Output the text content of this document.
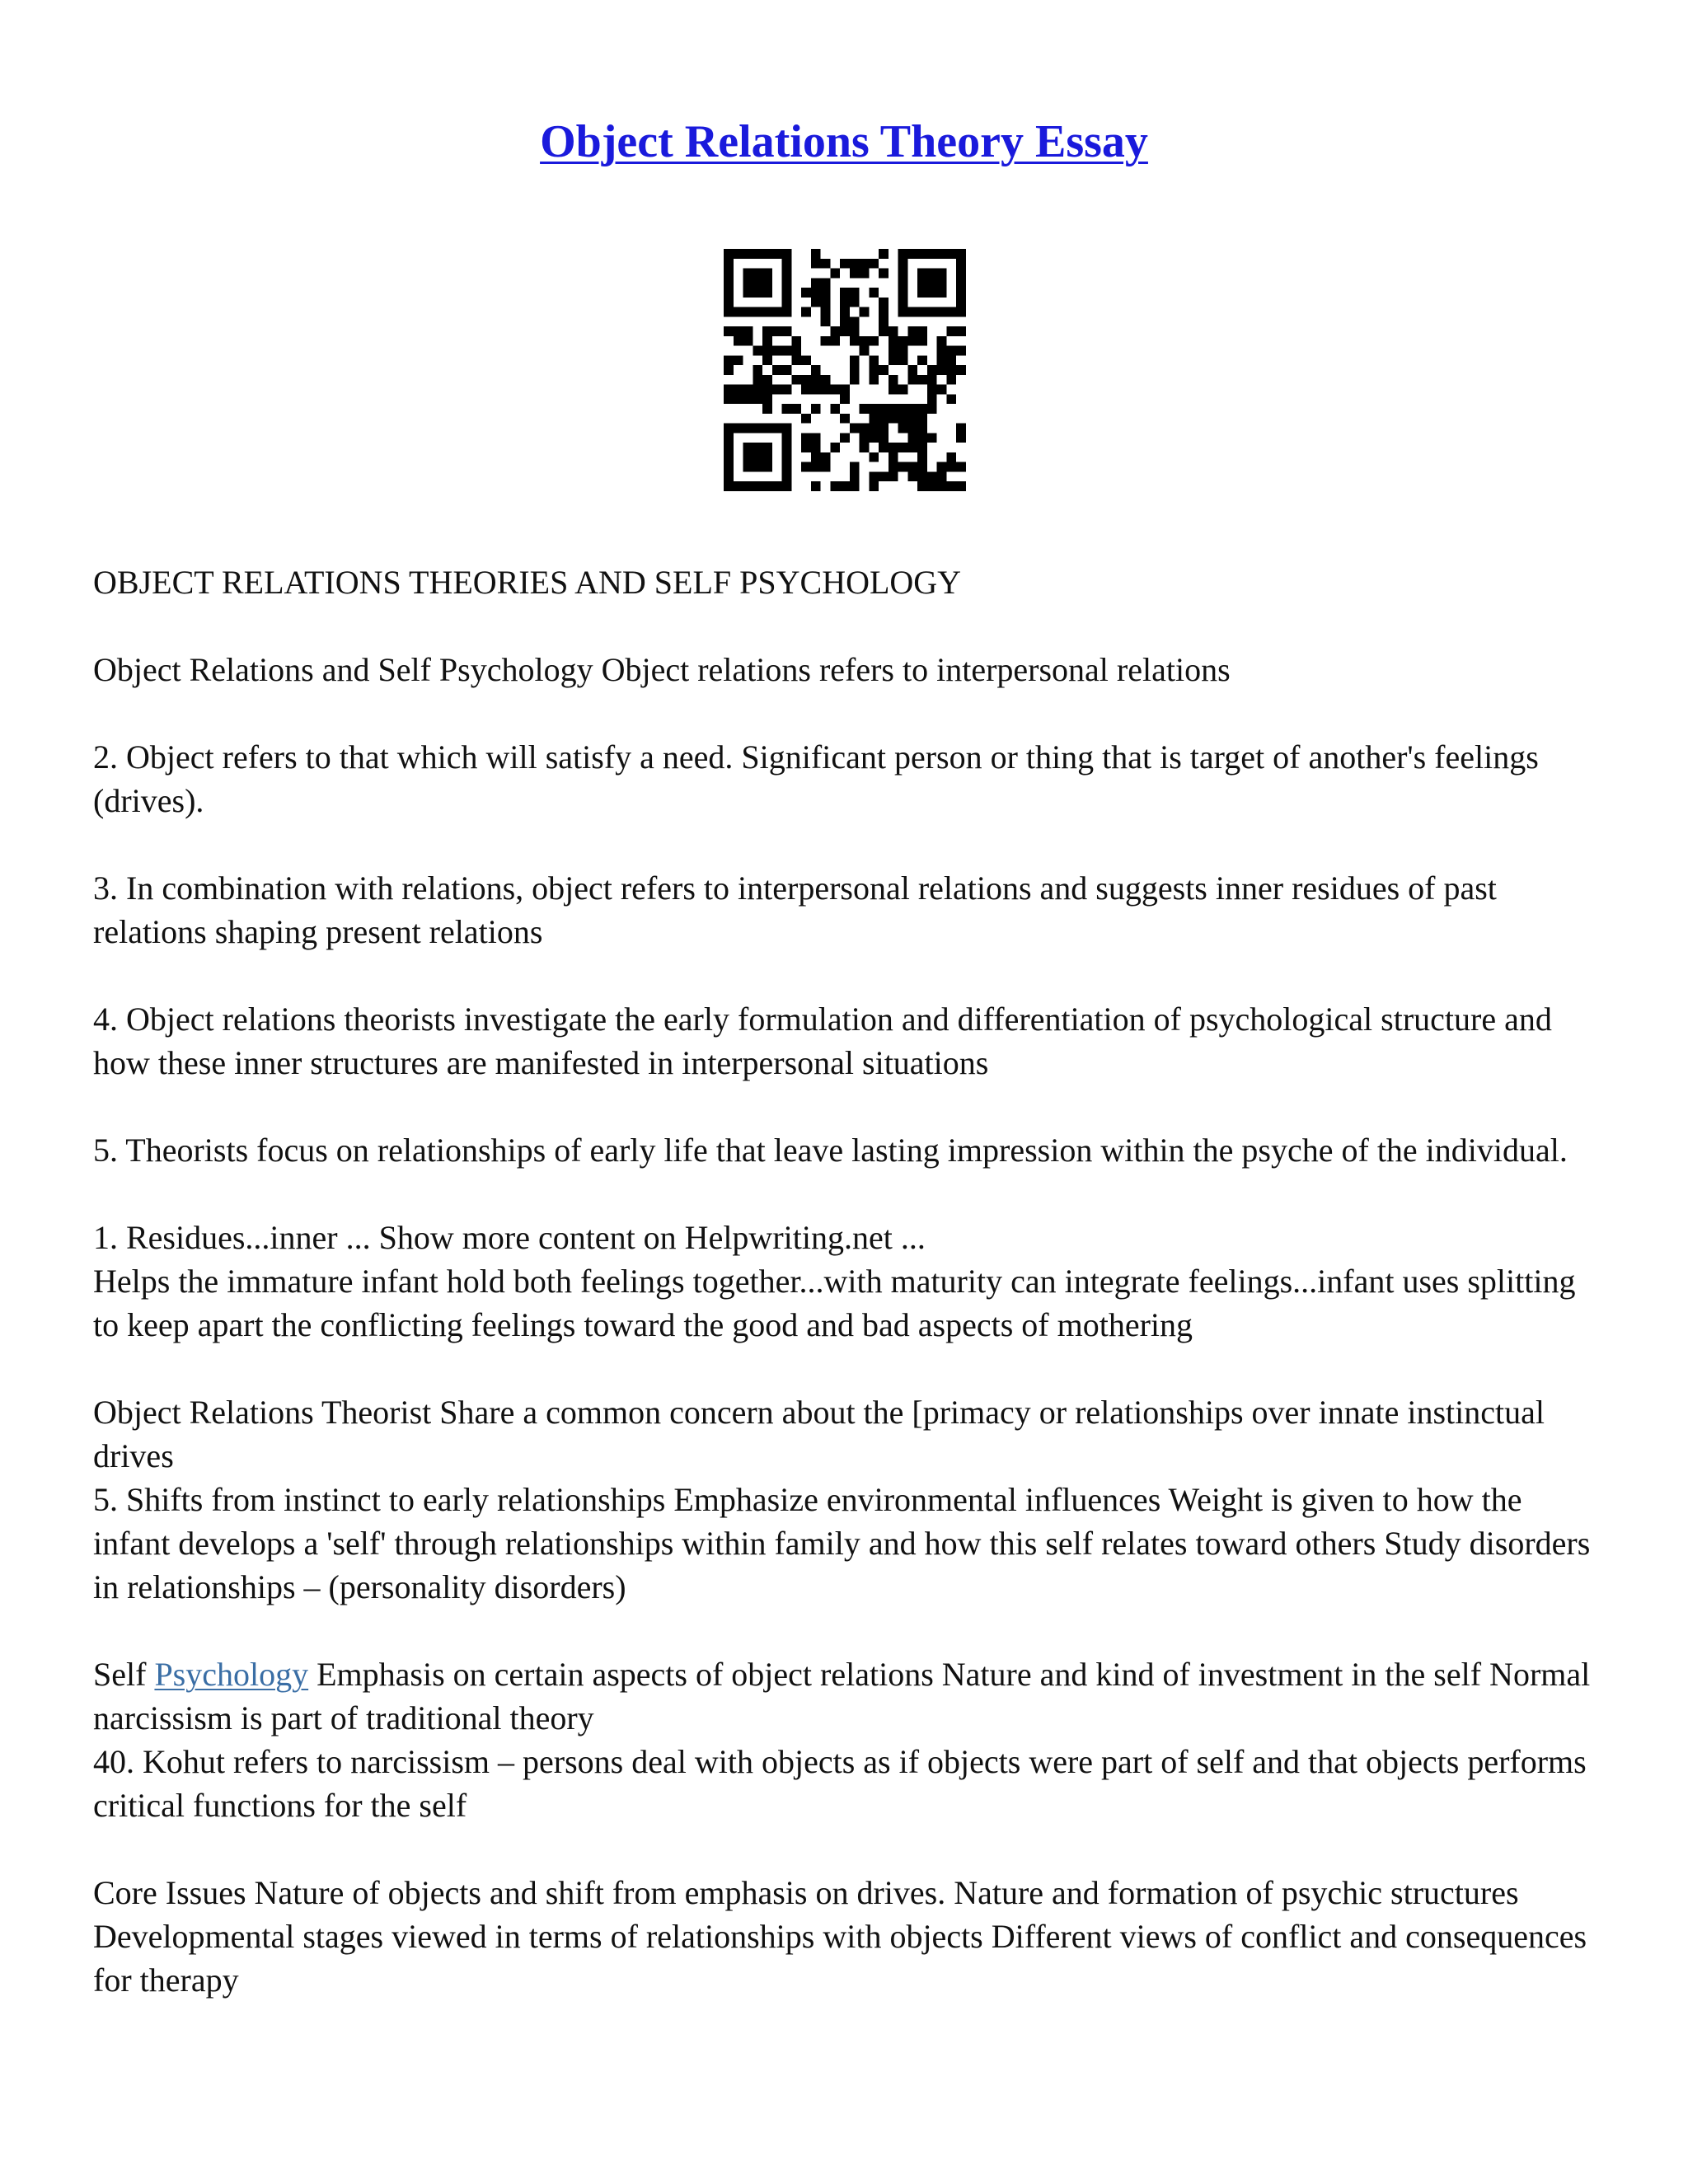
Object Relations Theory Essay

OBJECT RELATIONS THEORIES AND SELF PSYCHOLOGY

Object Relations and Self Psychology Object relations refers to interpersonal relations

2. Object refers to that which will satisfy a need. Significant person or thing that is target of another's feelings (drives).

3. In combination with relations, object refers to interpersonal relations and suggests inner residues of past relations shaping present relations

4. Object relations theorists investigate the early formulation and differentiation of psychological structure and how these inner structures are manifested in interpersonal situations

5. Theorists focus on relationships of early life that leave lasting impression within the psyche of the individual.

1. Residues...inner ... Show more content on Helpwriting.net ...

Helps the immature infant hold both feelings together...with maturity can integrate feelings...infant uses splitting to keep apart the conflicting feelings toward the good and bad aspects of mothering

Object Relations Theorist Share a common concern about the [primacy or relationships over innate instinctual drives

5. Shifts from instinct to early relationships Emphasize environmental influences Weight is given to how the infant develops a 'self' through relationships within family and how this self relates toward others Study disorders in relationships – (personality disorders)

Self Psychology Emphasis on certain aspects of object relations Nature and kind of investment in the self Normal narcissism is part of traditional theory

40. Kohut refers to narcissism – persons deal with objects as if objects were part of self and that objects performs critical functions for the self

Core Issues Nature of objects and shift from emphasis on drives. Nature and formation of psychic structures Developmental stages viewed in terms of relationships with objects Different views of conflict and consequences for therapy
